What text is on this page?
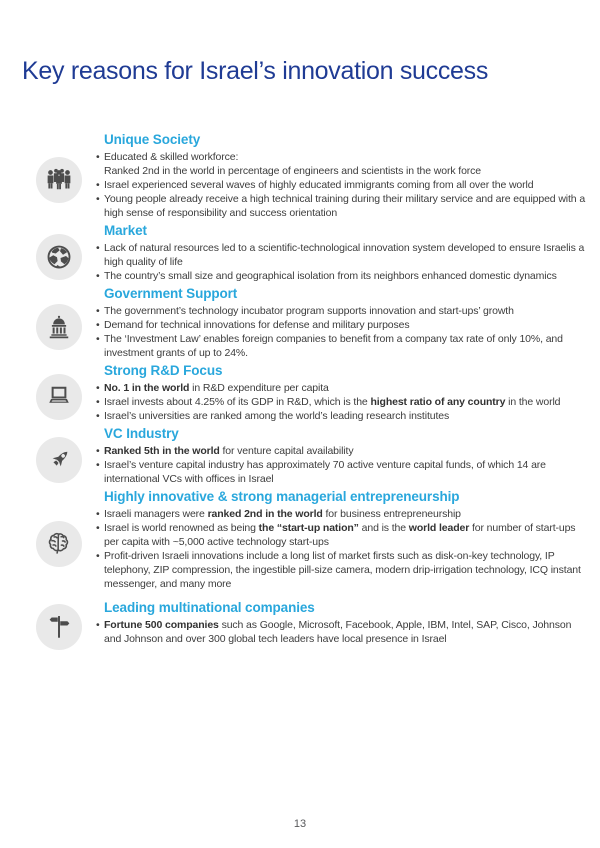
Key reasons for Israel’s innovation success
Unique Society
• Educated & skilled workforce:
Ranked 2nd in the world in percentage of engineers and scientists in the work force
• Israel experienced several waves of highly educated immigrants coming from all over the world
• Young people already receive a high technical training during their military service and are equipped with a high sense of responsibility and success orientation
Market
• Lack of natural resources led to a scientific-technological innovation system developed to ensure Israelis a high quality of life
• The country’s small size and geographical isolation from its neighbors enhanced domestic dynamics
Government Support
• The government’s technology incubator program supports innovation and start-ups’ growth
• Demand for technical innovations for defense and military purposes
• The ‘Investment Law’ enables foreign companies to benefit from a company tax rate of only 10%, and investment grants of up to 24%.
Strong R&D Focus
• No. 1 in the world in R&D expenditure per capita
• Israel invests about 4.25% of its GDP in R&D, which is the highest ratio of any country in the world
• Israel’s universities are ranked among the world’s leading research institutes
VC Industry
• Ranked 5th in the world for venture capital availability
• Israel’s venture capital industry has approximately 70 active venture capital funds, of which 14 are international VCs with offices in Israel
Highly innovative & strong managerial entrepreneurship
• Israeli managers were ranked 2nd in the world for business entrepreneurship
• Israel is world renowned as being the “start-up nation” and is the world leader for number of start-ups per capita with ~5,000 active technology start-ups
• Profit-driven Israeli innovations include a long list of market firsts such as disk-on-key technology, IP telephony, ZIP compression, the ingestible pill-size camera, modern drip-irrigation technology, ICQ instant messenger, and many more
Leading multinational companies
• Fortune 500 companies such as Google, Microsoft, Facebook, Apple, IBM, Intel, SAP, Cisco, Johnson and Johnson and over 300 global tech leaders have local presence in Israel
13
